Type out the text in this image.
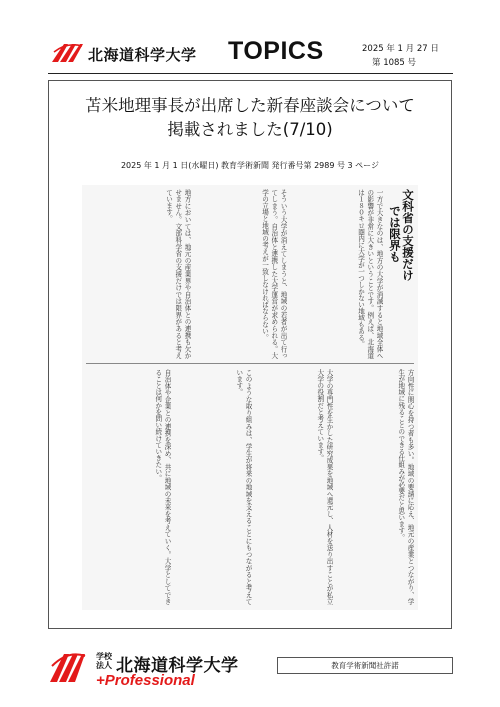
北海道科学大学 TOPICS	2025 年 1 月 27 日
第 1085 号
苫米地理事長が出席した新春座談会について
掲載されました(7/10)
2025 年 1 月 1 日(水曜日) 教育学術新聞 発行番号第 2989 号 3 ページ
文科省の支援だけ
では限界も
一方で大きなのは、地方の大学が消滅すると地域全体への影響が非常に大きいということです。例えば、北海道は１８０キロ圏内に大学が一つしかない地域もある。
そういう大学が消えてしまうと、地域の若者が出て行ってしまう。自治体と連携した大学運営が求められる。大学の立場と地域の考えが一致しなければならない。
地方においては、地元の産業界や自治体との連携も欠かせません。文部科学省の支援だけでは限界があると考えています。
方向性に関心を持つ者も多い。地域の要請に応え、地元の産業とつながり、学生が地域に残ることのできる仕組みが必要だと思います。
大学の専門性を生かした研究成果を地域へ還元し、人材を送り出すことが私立大学の役割だと考えています。
このような取り組みは、学生が将来の地域を支えることにもつながると考えています。
自治体や企業との連携を深め、共に地域の未来を考えていく。大学としてできることは何かを問い続けていきたい。
学校法人 北海道科学大学
+Professional
教育学術新聞社許諾
